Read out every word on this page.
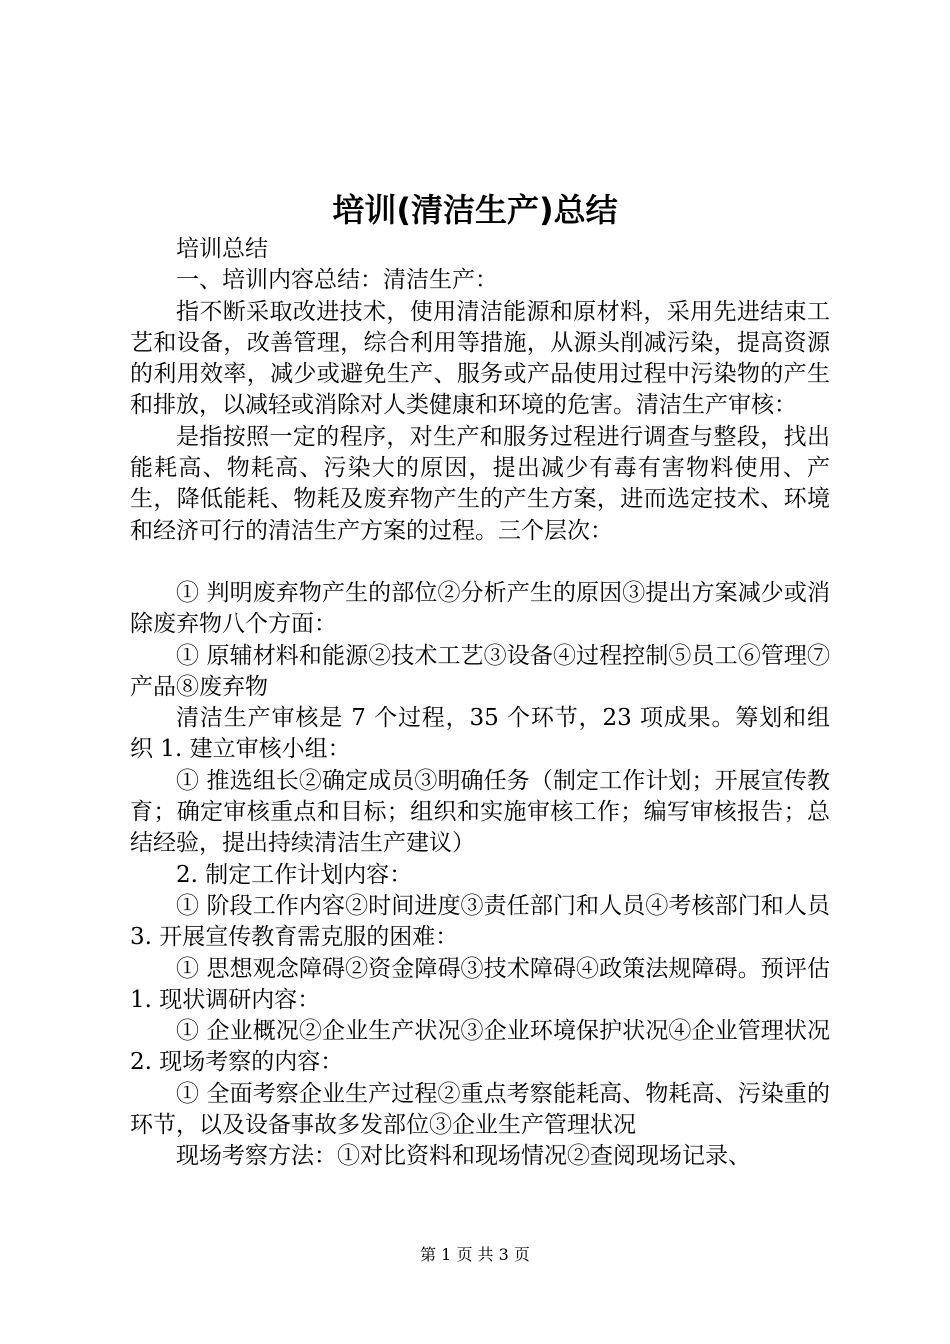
培训(清洁生产)总结

培训总结

一、培训内容总结：清洁生产：

指不断采取改进技术，使用清洁能源和原材料，采用先进结束工艺和设备，改善管理，综合利用等措施，从源头削减污染，提高资源的利用效率，减少或避免生产、服务或产品使用过程中污染物的产生和排放，以减轻或消除对人类健康和环境的危害。清洁生产审核：

是指按照一定的程序，对生产和服务过程进行调查与整段，找出能耗高、物耗高、污染大的原因，提出减少有毒有害物料使用、产生，降低能耗、物耗及废弃物产生的产生方案，进而选定技术、环境和经济可行的清洁生产方案的过程。三个层次：

① 判明废弃物产生的部位②分析产生的原因③提出方案减少或消除废弃物八个方面：

① 原辅材料和能源②技术工艺③设备④过程控制⑤员工⑥管理⑦产品⑧废弃物

清洁生产审核是 7 个过程，35 个环节，23 项成果。筹划和组织 1. 建立审核小组：

① 推选组长②确定成员③明确任务（制定工作计划；开展宣传教育；确定审核重点和目标；组织和实施审核工作；编写审核报告；总结经验，提出持续清洁生产建议）

2. 制定工作计划内容：

① 阶段工作内容②时间进度③责任部门和人员④考核部门和人员 3. 开展宣传教育需克服的困难：

① 思想观念障碍②资金障碍③技术障碍④政策法规障碍。预评估 1. 现状调研内容：

① 企业概况②企业生产状况③企业环境保护状况④企业管理状况 2. 现场考察的内容：

① 全面考察企业生产过程②重点考察能耗高、物耗高、污染重的环节，以及设备事故多发部位③企业生产管理状况

现场考察方法：①对比资料和现场情况②查阅现场记录、

第 1 页 共 3 页
